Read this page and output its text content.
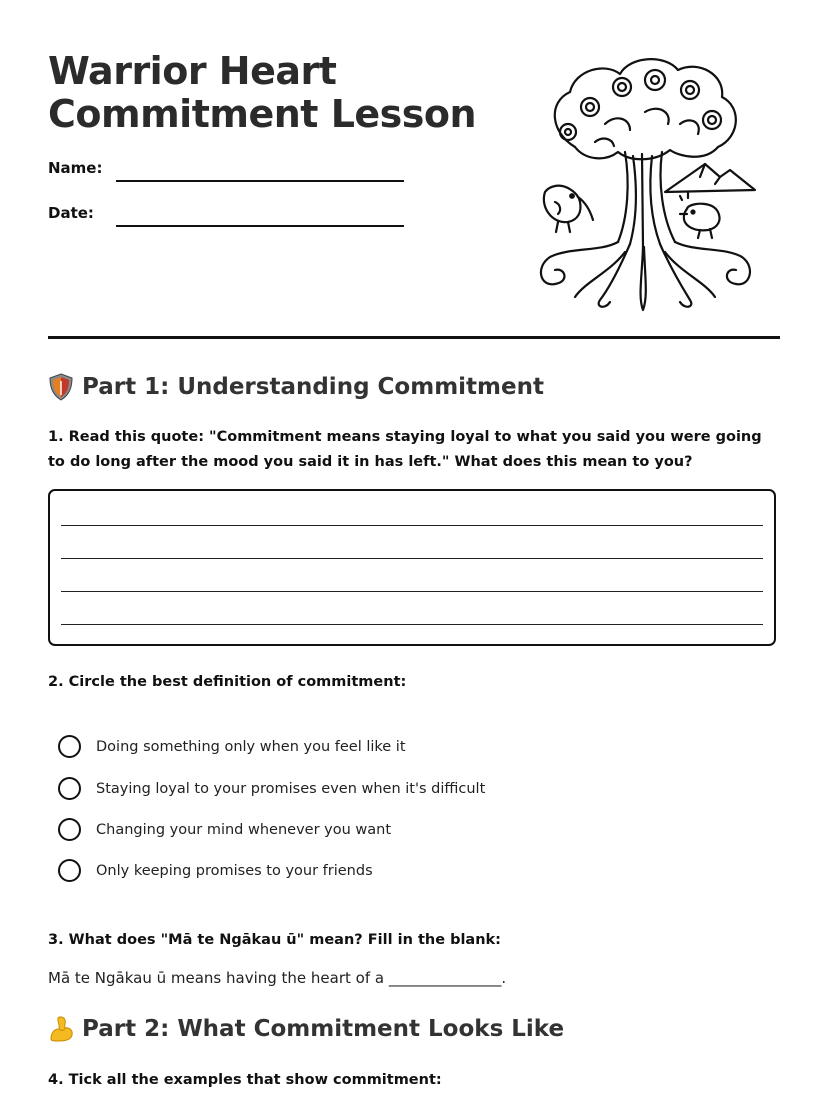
Warrior Heart
Commitment Lesson
Name:
Date:
Part 1: Understanding Commitment
1. Read this quote: "Commitment means staying loyal to what you said you were going to do long after the mood you said it in has left." What does this mean to you?
2. Circle the best definition of commitment:
Doing something only when you feel like it
Staying loyal to your promises even when it's difficult
Changing your mind whenever you want
Only keeping promises to your friends
3. What does "Mā te Ngākau ū" mean? Fill in the blank:
Mā te Ngākau ū means having the heart of a _______________.
Part 2: What Commitment Looks Like
4. Tick all the examples that show commitment:
